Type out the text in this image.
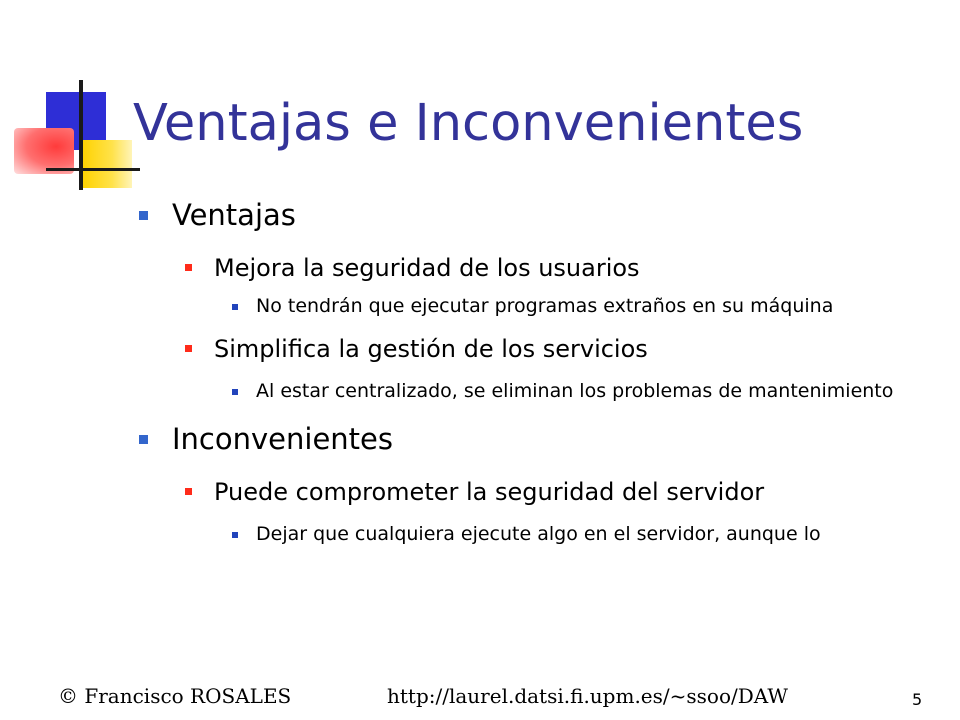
Ventajas e Inconvenientes
Ventajas
Mejora la seguridad de los usuarios
No tendrán que ejecutar programas extraños en su máquina
Simplifica la gestión de los servicios
Al estar centralizado, se eliminan los problemas de mantenimiento
Inconvenientes
Puede comprometer la seguridad del servidor
Dejar que cualquiera ejecute algo en el servidor, aunque lo
© Francisco ROSALES	http://laurel.datsi.fi.upm.es/~ssoo/DAW	5
